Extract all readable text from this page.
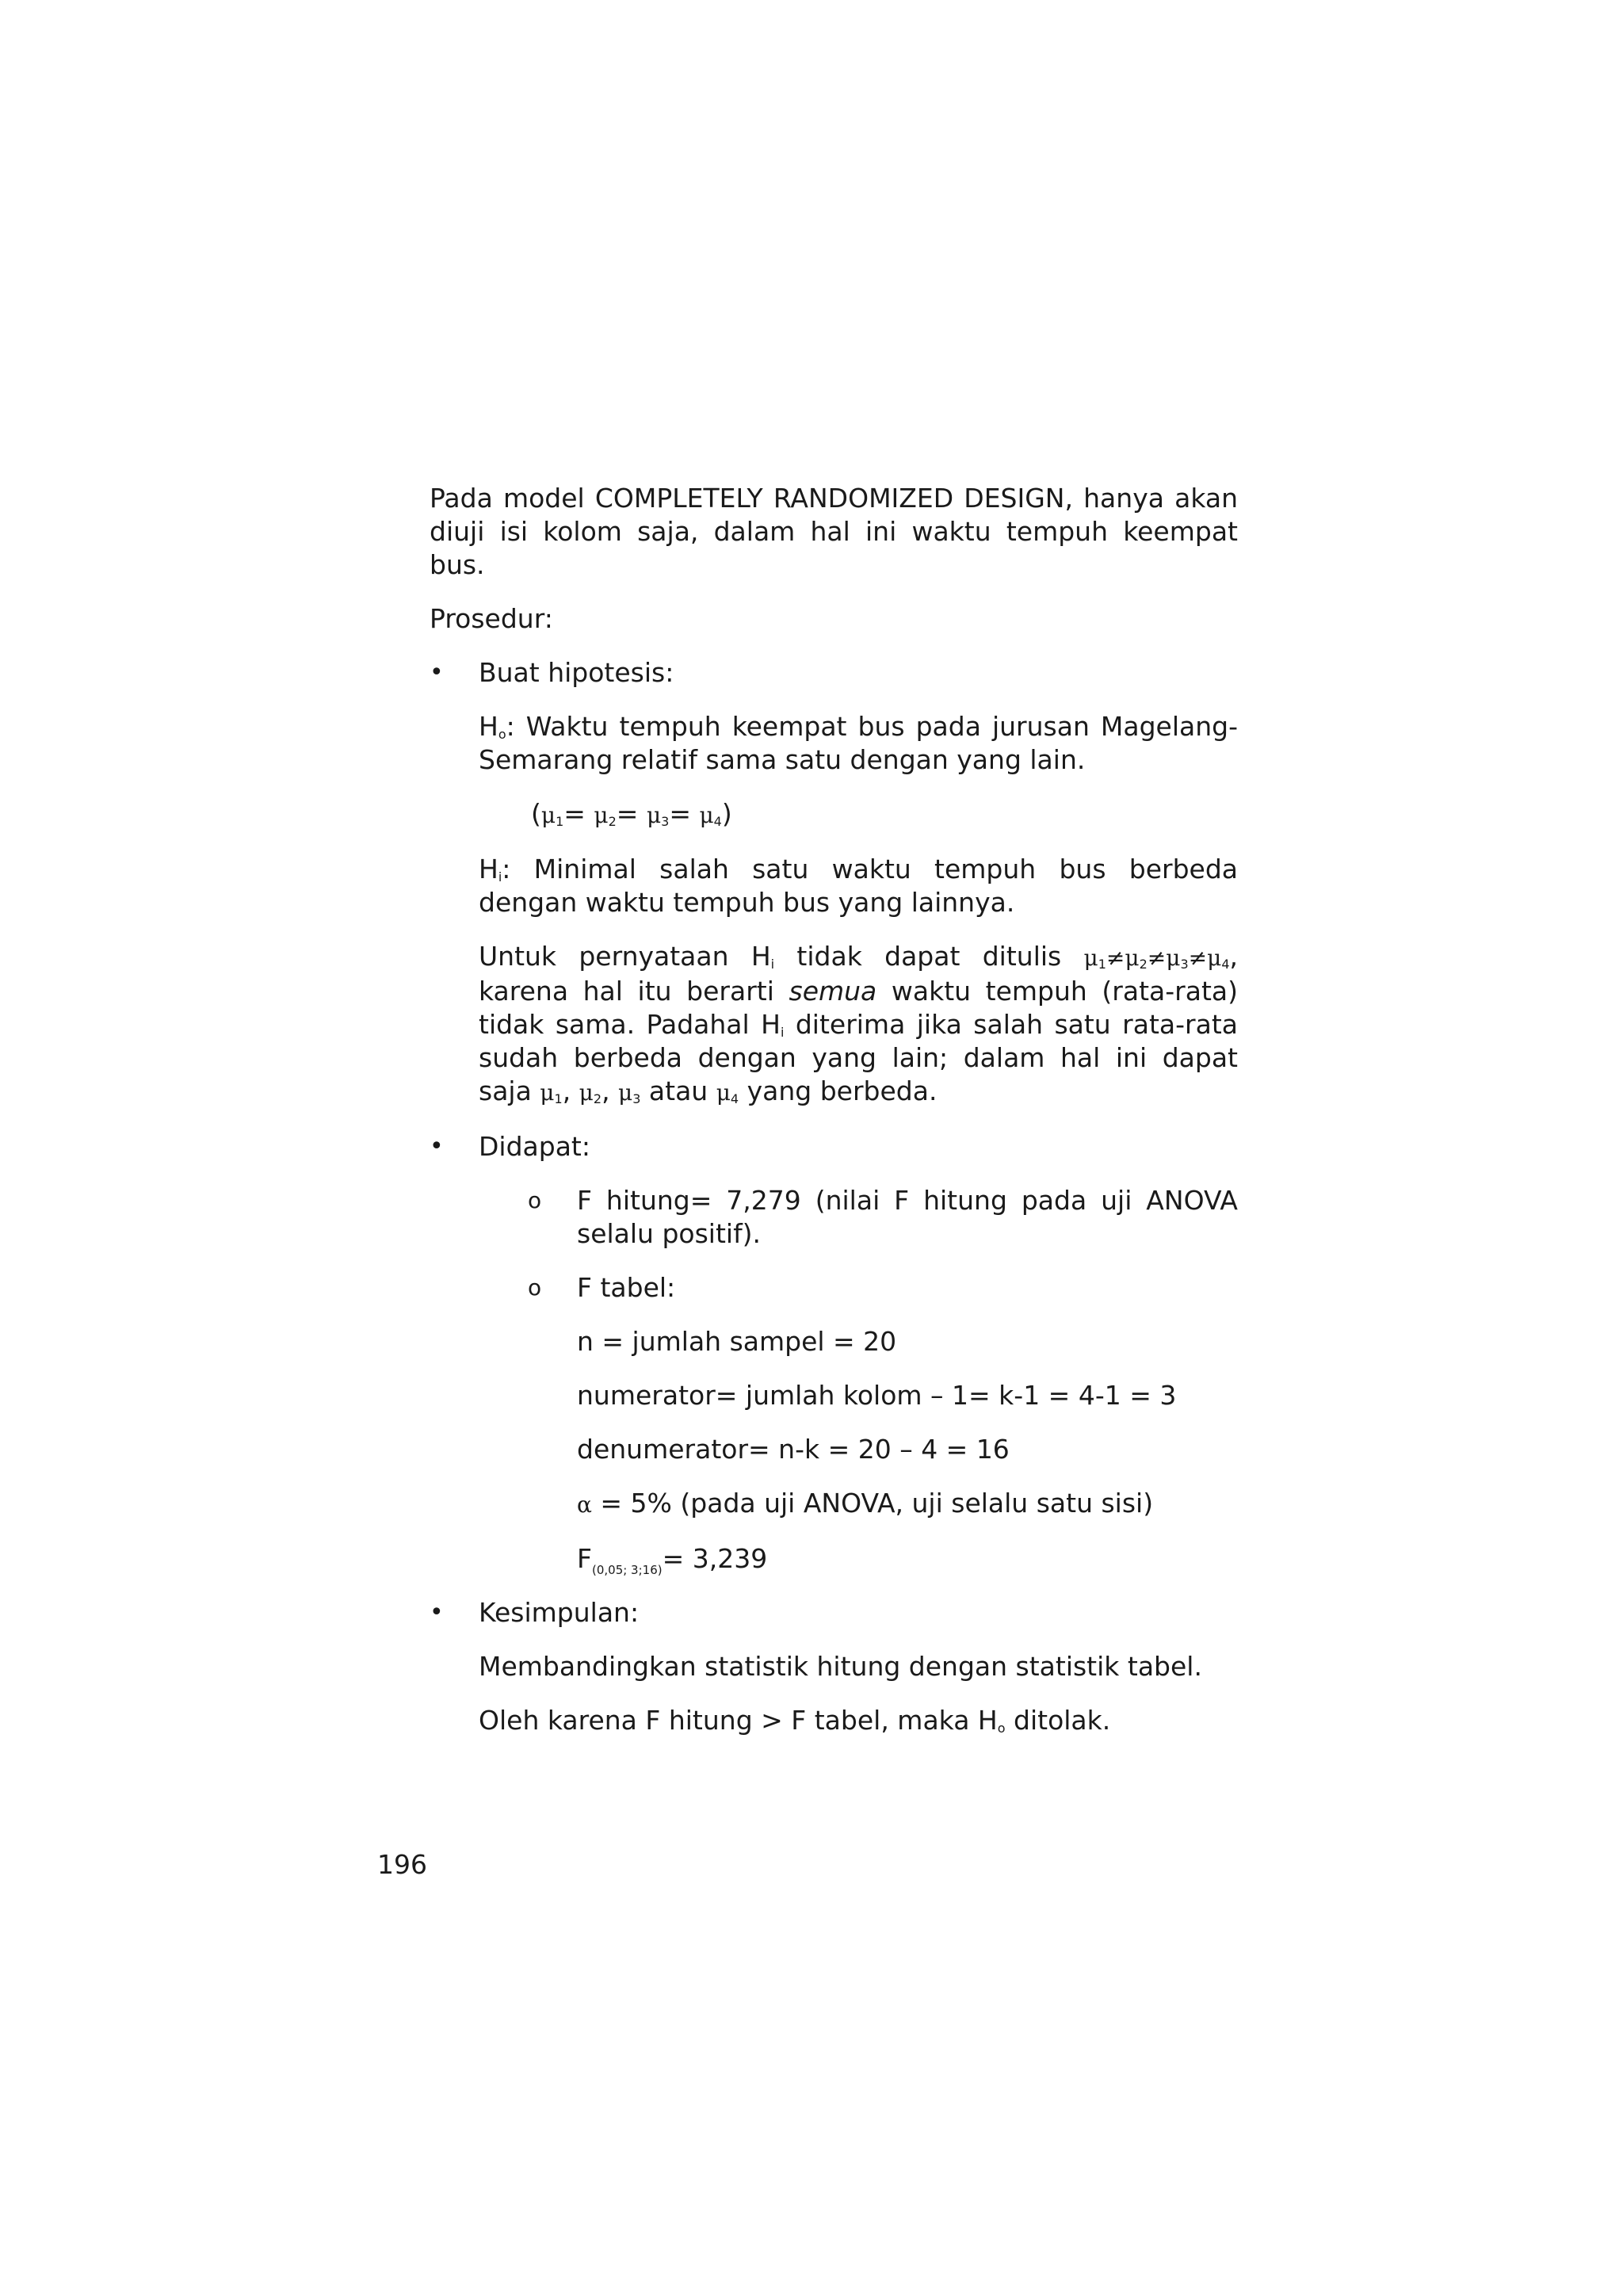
Pada model COMPLETELY RANDOMIZED DESIGN, hanya akan diuji isi kolom saja, dalam hal ini waktu tempuh keempat bus.

Prosedur:

•	Buat hipotesis:

$H_o$: Waktu tempuh keempat bus pada jurusan Magelang-Semarang relatif sama satu dengan yang lain.

$(\mu_1= \mu_2= \mu_3= \mu_4)$

$H_i$: Minimal salah satu waktu tempuh bus berbeda dengan waktu tempuh bus yang lainnya.

Untuk pernyataan $H_i$ tidak dapat ditulis $\mu_1\ne\mu_2\ne\mu_3\ne\mu_4$, karena hal itu berarti semua waktu tempuh (rata-rata) tidak sama. Padahal $H_i$ diterima jika salah satu rata-rata sudah berbeda dengan yang lain; dalam hal ini dapat saja $\mu_1$, $\mu_2$, $\mu_3$ atau $\mu_4$ yang berbeda.

•	Didapat:
o F hitung= 7,279 (nilai F hitung pada uji ANOVA selalu positif).
o F tabel:

n = jumlah sampel = 20

numerator= jumlah kolom – 1= k-1 = 4-1 = 3

denumerator= n-k = 20 – 4 = 16

α = 5% (pada uji ANOVA, uji selalu satu sisi)

$F_{(0,05; 3;16)}= 3,239$

•	Kesimpulan:

Membandingkan statistik hitung dengan statistik tabel.

Oleh karena F hitung > F tabel, maka $H_o$ ditolak.

196
